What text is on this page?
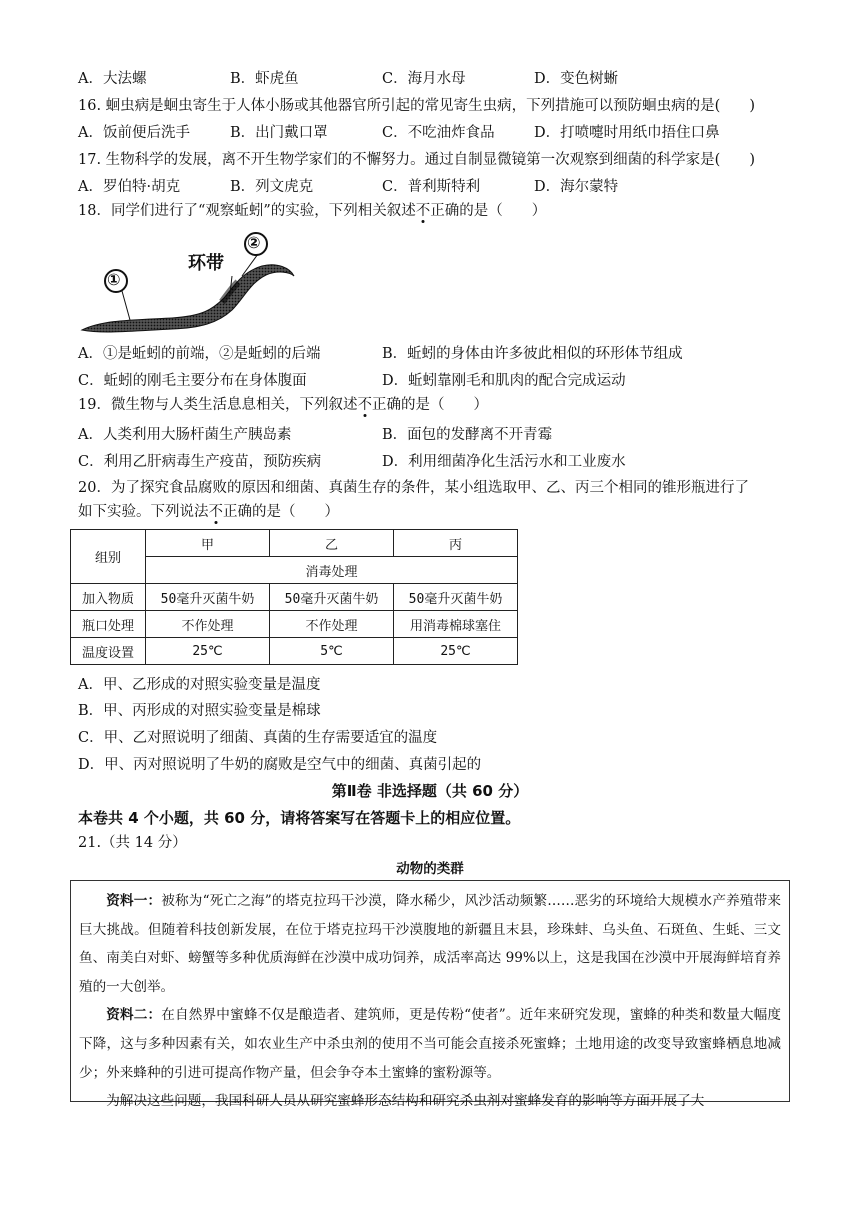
A．大法螺	B．虾虎鱼	C．海月水母	D．变色树蜥
16. 蛔虫病是蛔虫寄生于人体小肠或其他器官所引起的常见寄生虫病，下列措施可以预防蛔虫病的是(　　)
A．饭前便后洗手	B．出门戴口罩	C．不吃油炸食品	D．打喷嚏时用纸巾捂住口鼻
17. 生物科学的发展，离不开生物学家们的不懈努力。通过自制显微镜第一次观察到细菌的科学家是(　　)
A．罗伯特·胡克	B．列文虎克	C．普利斯特利	D．海尔蒙特
18．同学们进行了“观察蚯蚓”的实验，下列相关叙述不正确的是（　　）
①
②
环带
A．①是蚯蚓的前端，②是蚯蚓的后端	B．蚯蚓的身体由许多彼此相似的环形体节组成
C．蚯蚓的刚毛主要分布在身体腹面	D．蚯蚓靠刚毛和肌肉的配合完成运动
19．微生物与人类生活息息相关，下列叙述不正确的是（　　）
A．人类利用大肠杆菌生产胰岛素	B．面包的发酵离不开青霉
C．利用乙肝病毒生产疫苗，预防疾病	D．利用细菌净化生活污水和工业废水
20．为了探究食品腐败的原因和细菌、真菌生存的条件，某小组选取甲、乙、丙三个相同的锥形瓶进行了
如下实验。下列说法不正确的是（　　）
组别	甲	乙	丙
	消毒处理		
加入物质	50毫升灭菌牛奶	50毫升灭菌牛奶	50毫升灭菌牛奶
瓶口处理	不作处理	不作处理	用消毒棉球塞住
温度设置	25℃	5℃	25℃
A．甲、乙形成的对照实验变量是温度
B．甲、丙形成的对照实验变量是棉球
C．甲、乙对照说明了细菌、真菌的生存需要适宜的温度
D．甲、丙对照说明了牛奶的腐败是空气中的细菌、真菌引起的
第Ⅱ卷 非选择题（共 60 分）
本卷共 4 个小题，共 60 分，请将答案写在答题卡上的相应位置。
21.（共 14 分）
动物的类群

资料一：被称为“死亡之海”的塔克拉玛干沙漠，降水稀少，风沙活动频繁……恶劣的环境给大规模水产养殖带来巨大挑战。但随着科技创新发展，在位于塔克拉玛干沙漠腹地的新疆且末县，珍珠蚌、乌头鱼、石斑鱼、生蚝、三文鱼、南美白对虾、螃蟹等多种优质海鲜在沙漠中成功饲养，成活率高达 99%以上，这是我国在沙漠中开展海鲜培育养殖的一大创举。

资料二：在自然界中蜜蜂不仅是酿造者、建筑师，更是传粉“使者”。近年来研究发现，蜜蜂的种类和数量大幅度下降，这与多种因素有关，如农业生产中杀虫剂的使用不当可能会直接杀死蜜蜂；土地用途的改变导致蜜蜂栖息地减少；外来蜂种的引进可提高作物产量，但会争夺本土蜜蜂的蜜粉源等。

为解决这些问题，我国科研人员从研究蜜蜂形态结构和研究杀虫剂对蜜蜂发育的影响等方面开展了大
